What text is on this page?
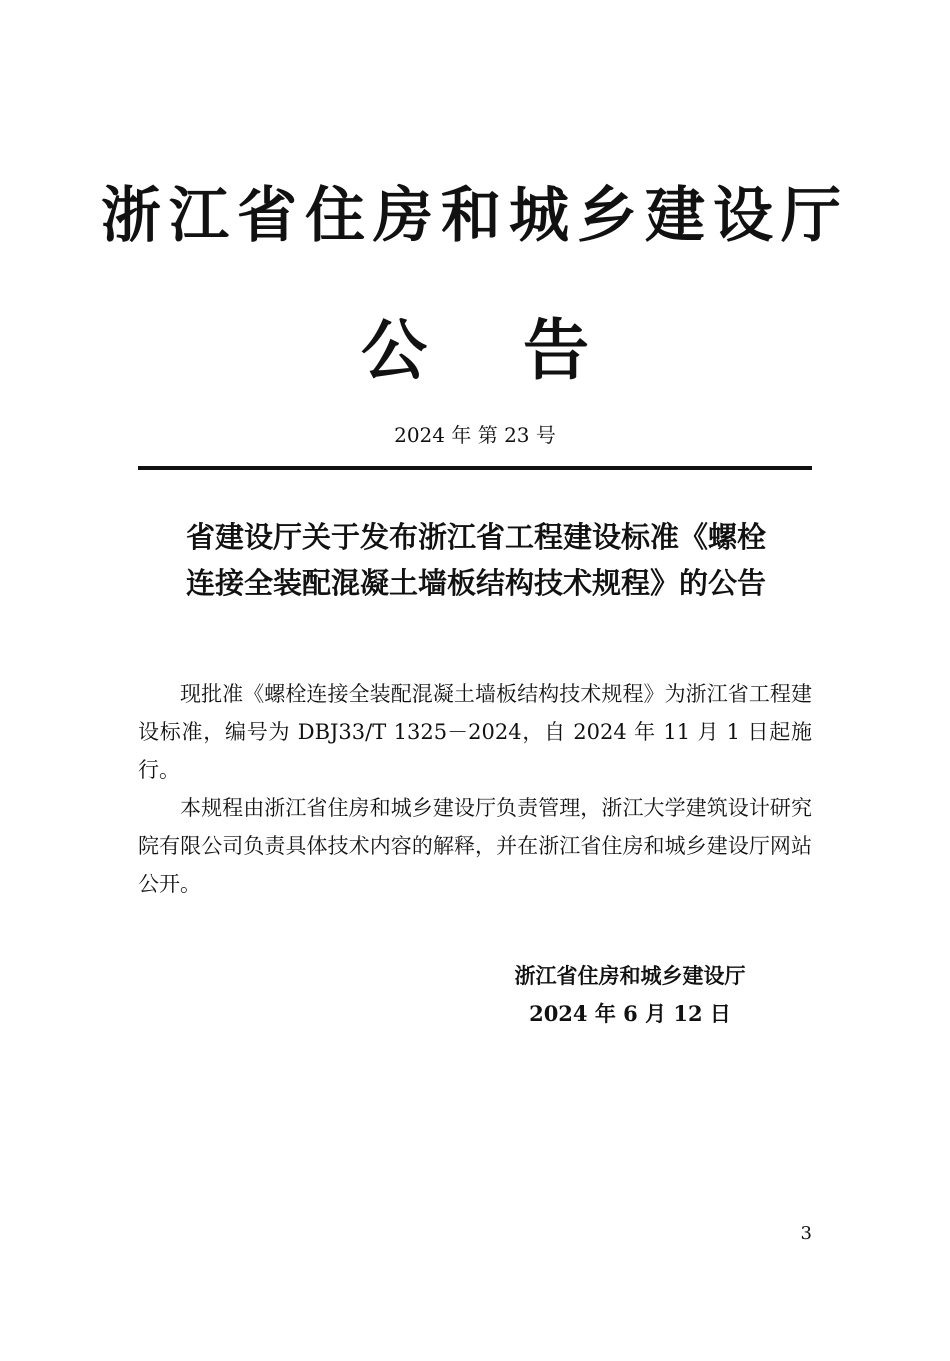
浙江省住房和城乡建设厅
公 告
2024 年 第 23 号
省建设厅关于发布浙江省工程建设标准《螺栓
连接全装配混凝土墙板结构技术规程》的公告

现批准《螺栓连接全装配混凝土墙板结构技术规程》为浙江省工程建设标准，编号为 DBJ33/T 1325－2024，自 2024 年 11 月 1 日起施行。

本规程由浙江省住房和城乡建设厅负责管理，浙江大学建筑设计研究院有限公司负责具体技术内容的解释，并在浙江省住房和城乡建设厅网站公开。

浙江省住房和城乡建设厅
2024 年 6 月 12 日
3
